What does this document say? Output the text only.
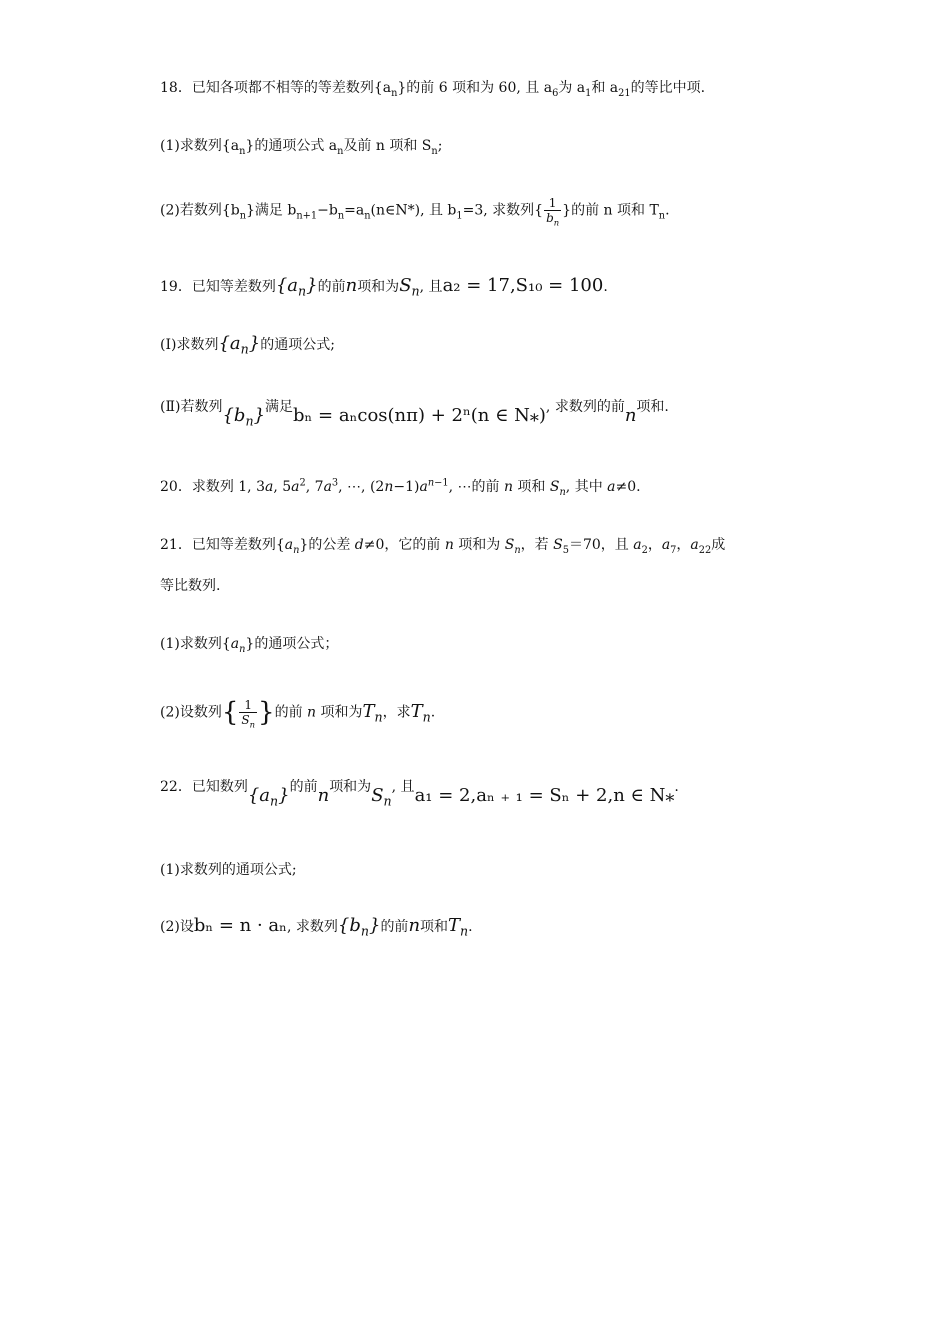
18．已知各项都不相等的等差数列$\{a_n\}$的前 6 项和为 60, 且 $a_6$为 $a_1$和 $a_{21}$的等比中项.
(1)求数列$\{a_n\}$的通项公式 $a_n$及前 n 项和 $S_n$;
(2)若数列$\{b_n\}$满足 $b_{n+1}-b_n=a_n(n\in N*)$, 且 $b_1=3$, 求数列{ $\frac{1}{b_n}$ }的前 n 项和 $T_n$.
19．已知等差数列$\{a_n\}$的前n项和为$S_n$, 且a₂ = 17,S₁₀ = 100.
(Ⅰ)求数列$\{a_n\}$的通项公式;
(Ⅱ)若数列$\{b_n\}$满足bₙ = aₙcos(nπ) + 2ⁿ(n ∈ N⁎), 求数列的前n项和.
20．求数列 1, 3a, $5a^2$, $7a^3$, ⋯, $(2n-1)a^{n-1}$, ⋯的前 n 项和 $S_n$, 其中 a≠0.
21．已知等差数列$\{a_n\}$的公差 d≠0，它的前 n 项和为 $S_n$，若 $S_5=70$，且 $a_2$，$a_7$，$a_{22}$成
等比数列.
(1)求数列$\{a_n\}$的通项公式；
(2)设数列{ $\frac{1}{S_n}$ }的前 n 项和为$T_n$，求$T_n$.
22．已知数列$\{a_n\}$的前n项和为$S_n$, 且a₁ = 2,aₙ ₊ ₁ = Sₙ + 2,n ∈ N⁎.
(1)求数列的通项公式;
(2)设bₙ = n · aₙ, 求数列$\{b_n\}$的前n项和$T_n$.
